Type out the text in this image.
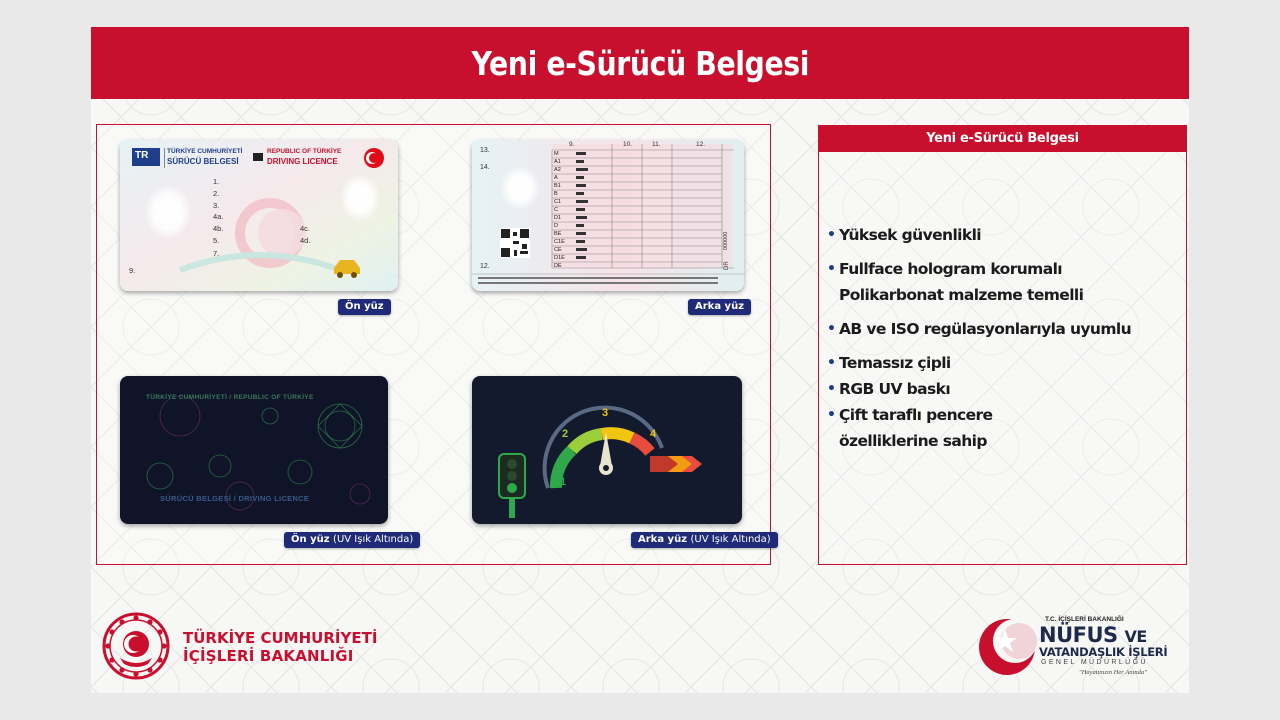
Yeni e-Sürücü Belgesi
TR	TÜRKİYE CUMHURİYETİ
SÜRÜCÜ BELGESİ
REPUBLIC OF TÜRKİYE
DRIVING LICENCE
1.
2.
3.
4a.
4b.
5.
7.
9.
4c.
4d.
Ön yüz
13.
14.
12.
9.	10.	11.	12.
M
A1
A2
A
B1
B
C1
C
D1
D
BE
C1E
CE
D1E
DE
000000
DR
Arka yüz
TÜRKİYE CUMHURİYETİ / REPUBLIC OF TÜRKİYE
SÜRÜCÜ BELGESİ / DRIVING LICENCE
Ön yüz (UV Işık Altında)
1
2
3
4
Arka yüz (UV Işık Altında)
Yeni e-Sürücü Belgesi
• Yüksek güvenlikli
• Fullface hologram korumalı
Polikarbonat malzeme temelli
• AB ve ISO regülasyonlarıyla uyumlu
• Temassız çipli
• RGB UV baskı
• Çift taraflı pencere
özelliklerine sahip
TÜRKİYE CUMHURİYETİ
İÇİŞLERİ BAKANLIĞI
T.C. İÇİŞLERİ BAKANLIĞI
NÜFUS VE
VATANDAŞLIK İŞLERİ
GENEL MÜDÜRLÜĞÜ
"Hayatınızın Her Anında"
